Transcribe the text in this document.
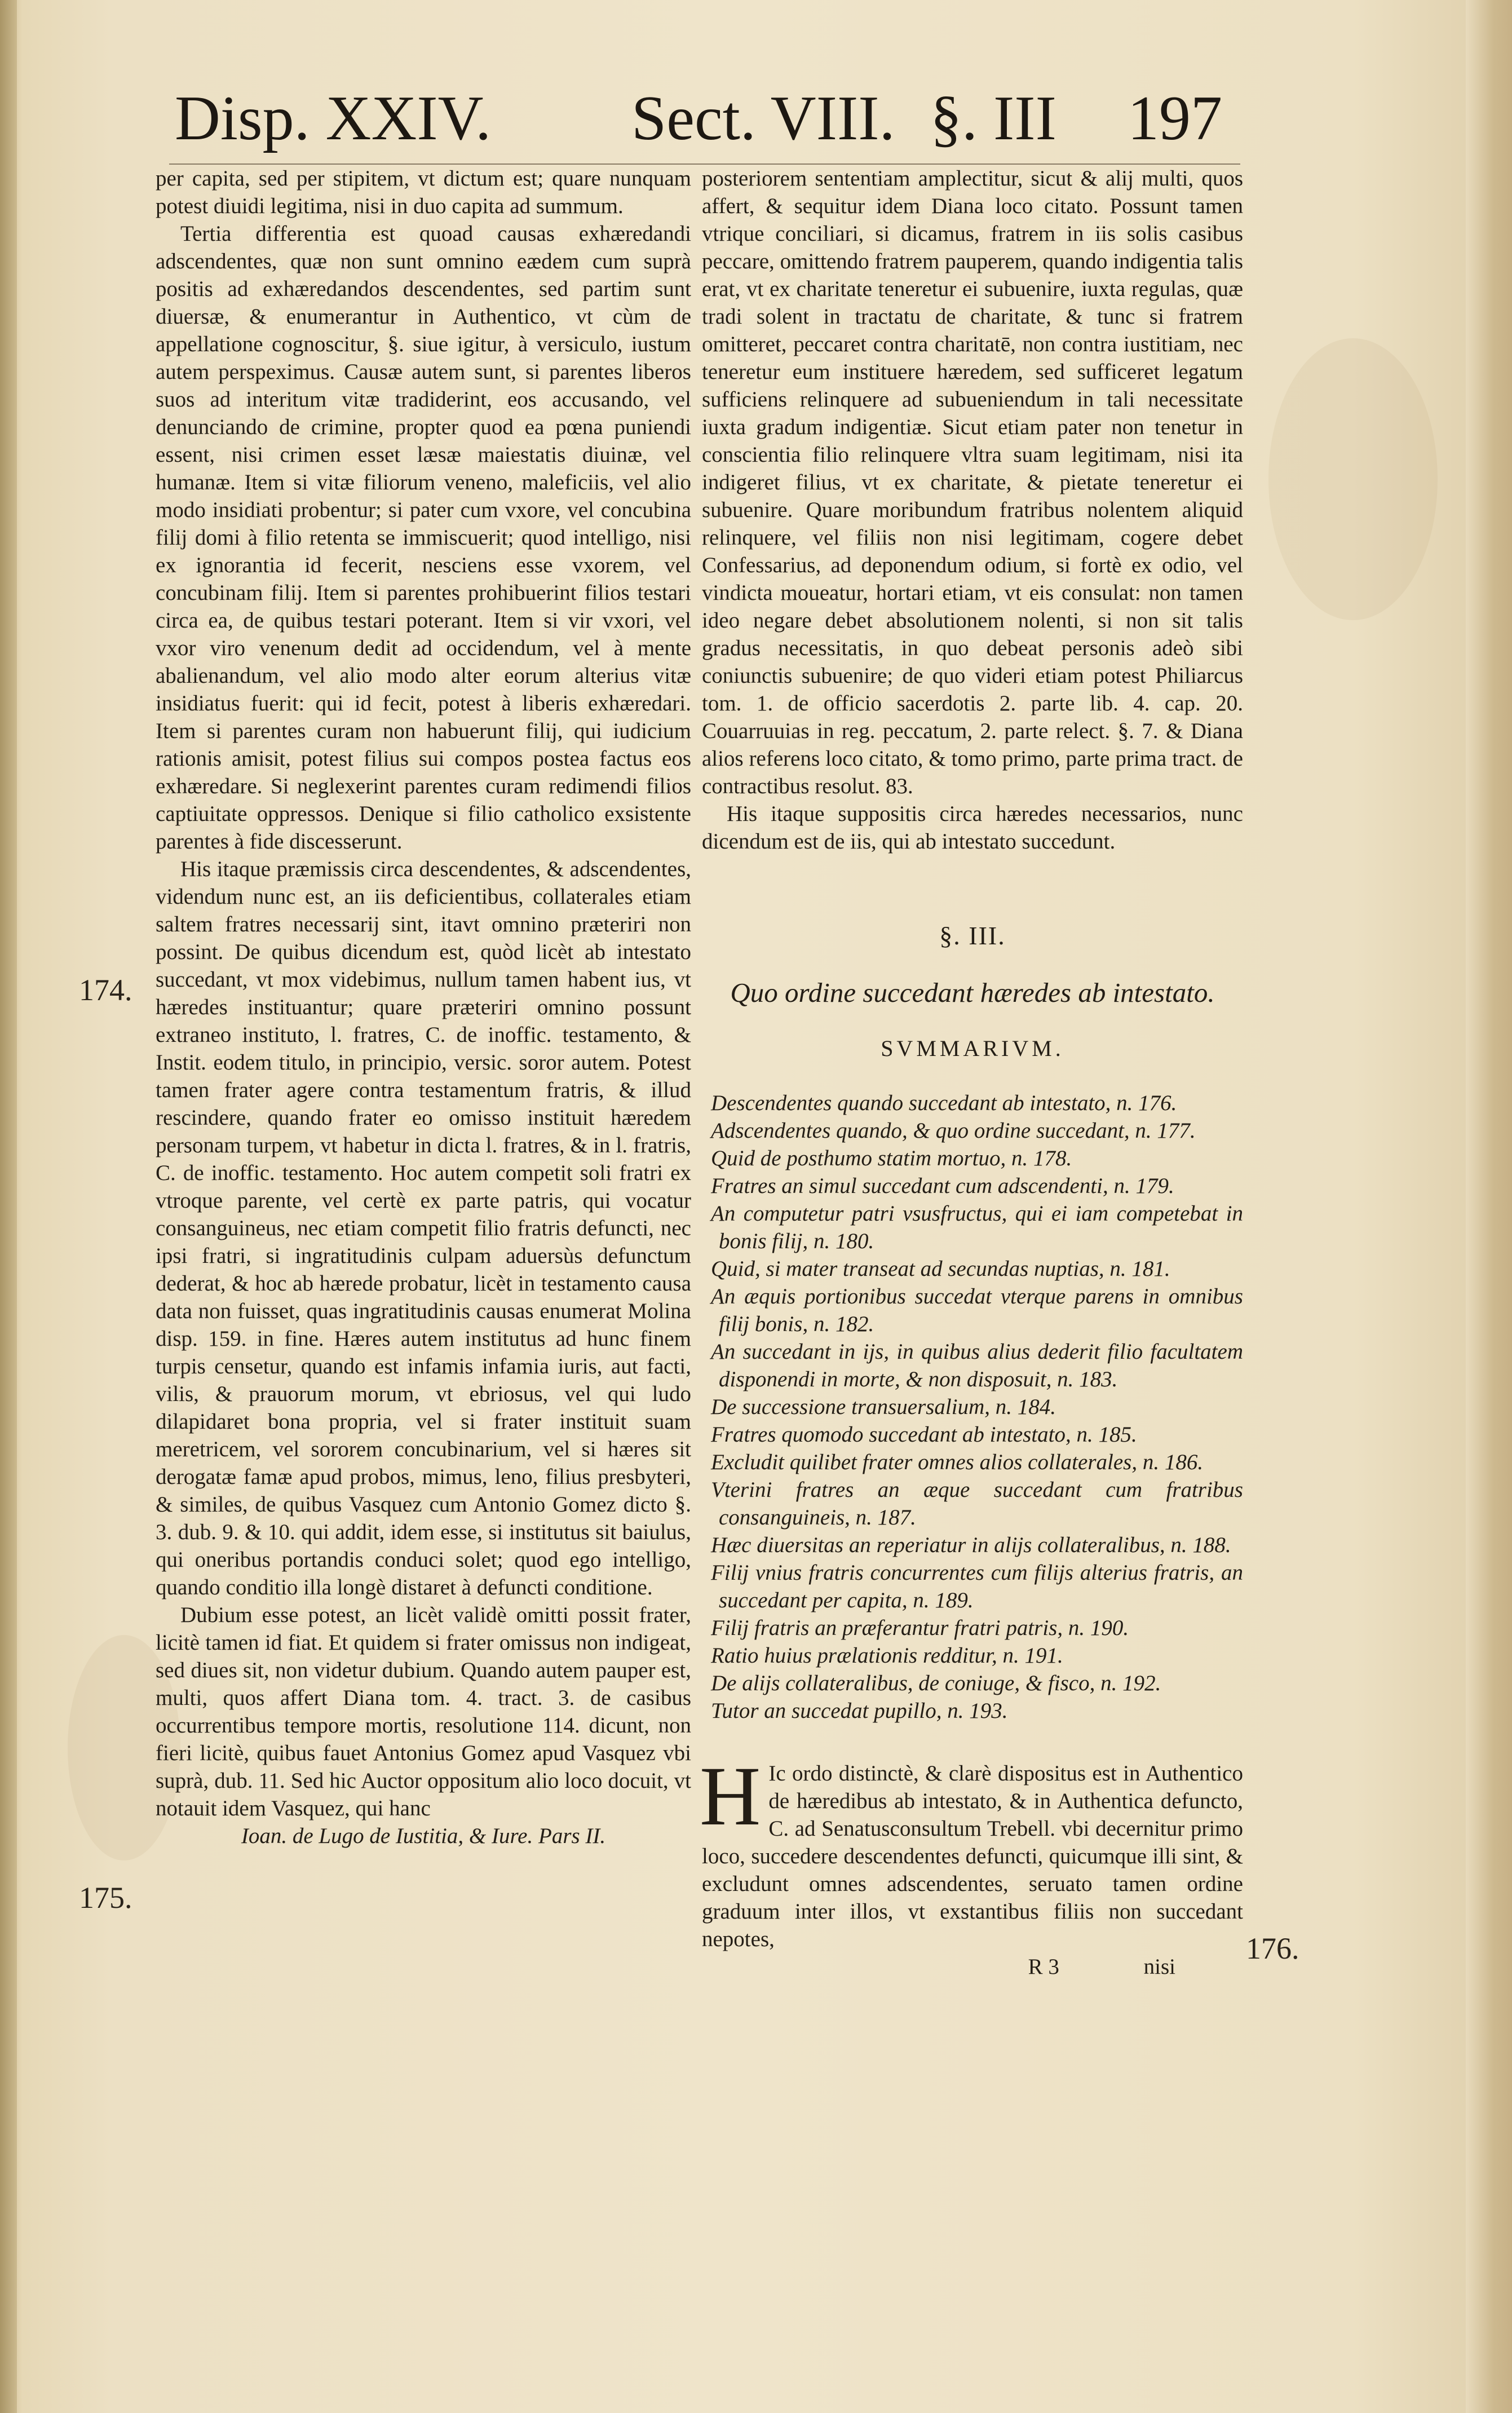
Disp. XXIV. Sect. VIII. §. III 197
174.
175.
176.

per capita, sed per stipitem, vt dictum est; quare nunquam potest diuidi legitima, nisi in duo capita ad summum.

Tertia differentia est quoad causas exhæredandi adscendentes, quæ non sunt omnino eædem cum suprà positis ad exhæredandos descendentes, sed partim sunt diuersæ, & enumerantur in Authentico, vt cùm de appellatione cognoscitur, §. siue igitur, à versiculo, iustum autem perspeximus. Causæ autem sunt, si parentes liberos suos ad interitum vitæ tradiderint, eos accusando, vel denunciando de crimine, propter quod ea pœna puniendi essent, nisi crimen esset læsæ maiestatis diuinæ, vel humanæ. Item si vitæ filiorum veneno, maleficiis, vel alio modo insidiati probentur; si pater cum vxore, vel concubina filij domi à filio retenta se immiscuerit; quod intelligo, nisi ex ignorantia id fecerit, nesciens esse vxorem, vel concubinam filij. Item si parentes prohibuerint filios testari circa ea, de quibus testari poterant. Item si vir vxori, vel vxor viro venenum dedit ad occidendum, vel à mente abalienandum, vel alio modo alter eorum alterius vitæ insidiatus fuerit: qui id fecit, potest à liberis exhæredari. Item si parentes curam non habuerunt filij, qui iudicium rationis amisit, potest filius sui compos postea factus eos exhæredare. Si neglexerint parentes curam redimendi filios captiuitate oppressos. Denique si filio catholico exsistente parentes à fide discesserunt.

His itaque præmissis circa descendentes, & adscendentes, videndum nunc est, an iis deficientibus, collaterales etiam saltem fratres necessarij sint, itavt omnino præteriri non possint. De quibus dicendum est, quòd licèt ab intestato succedant, vt mox videbimus, nullum tamen habent ius, vt hæredes instituantur; quare præteriri omnino possunt extraneo instituto, l. fratres, C. de inoffic. testamento, & Instit. eodem titulo, in principio, versic. soror autem. Potest tamen frater agere contra testamentum fratris, & illud rescindere, quando frater eo omisso instituit hæredem personam turpem, vt habetur in dicta l. fratres, & in l. fratris, C. de inoffic. testamento. Hoc autem competit soli fratri ex vtroque parente, vel certè ex parte patris, qui vocatur consanguineus, nec etiam competit filio fratris defuncti, nec ipsi fratri, si ingratitudinis culpam aduersùs defunctum dederat, & hoc ab hærede probatur, licèt in testamento causa data non fuisset, quas ingratitudinis causas enumerat Molina disp. 159. in fine. Hæres autem institutus ad hunc finem turpis censetur, quando est infamis infamia iuris, aut facti, vilis, & prauorum morum, vt ebriosus, vel qui ludo dilapidaret bona propria, vel si frater instituit suam meretricem, vel sororem concubinarium, vel si hæres sit derogatæ famæ apud probos, mimus, leno, filius presbyteri, & similes, de quibus Vasquez cum Antonio Gomez dicto §. 3. dub. 9. & 10. qui addit, idem esse, si institutus sit baiulus, qui oneribus portandis conduci solet; quod ego intelligo, quando conditio illa longè distaret à defuncti conditione.

Dubium esse potest, an licèt validè omitti possit frater, licitè tamen id fiat. Et quidem si frater omissus non indigeat, sed diues sit, non videtur dubium. Quando autem pauper est, multi, quos affert Diana tom. 4. tract. 3. de casibus occurrentibus tempore mortis, resolutione 114. dicunt, non fieri licitè, quibus fauet Antonius Gomez apud Vasquez vbi suprà, dub. 11. Sed hic Auctor oppositum alio loco docuit, vt notauit idem Vasquez, qui hanc

Ioan. de Lugo de Iustitia, & Iure. Pars II.

posteriorem sententiam amplectitur, sicut & alij multi, quos affert, & sequitur idem Diana loco citato. Possunt tamen vtrique conciliari, si dicamus, fratrem in iis solis casibus peccare, omittendo fratrem pauperem, quando indigentia talis erat, vt ex charitate teneretur ei subuenire, iuxta regulas, quæ tradi solent in tractatu de charitate, & tunc si fratrem omitteret, peccaret contra charitatē, non contra iustitiam, nec teneretur eum instituere hæredem, sed sufficeret legatum sufficiens relinquere ad subueniendum in tali necessitate iuxta gradum indigentiæ. Sicut etiam pater non tenetur in conscientia filio relinquere vltra suam legitimam, nisi ita indigeret filius, vt ex charitate, & pietate teneretur ei subuenire. Quare moribundum fratribus nolentem aliquid relinquere, vel filiis non nisi legitimam, cogere debet Confessarius, ad deponendum odium, si fortè ex odio, vel vindicta moueatur, hortari etiam, vt eis consulat: non tamen ideo negare debet absolutionem nolenti, si non sit talis gradus necessitatis, in quo debeat personis adeò sibi coniunctis subuenire; de quo videri etiam potest Philiarcus tom. 1. de officio sacerdotis 2. parte lib. 4. cap. 20. Couarruuias in reg. peccatum, 2. parte relect. §. 7. & Diana alios referens loco citato, & tomo primo, parte prima tract. de contractibus resolut. 83.

His itaque suppositis circa hæredes necessarios, nunc dicendum est de iis, qui ab intestato succedunt.

§. III.
Quo ordine succedant hæredes ab intestato.
SVMMARIVM.

Descendentes quando succedant ab intestato, n. 176.

Adscendentes quando, & quo ordine succedant, n. 177.

Quid de posthumo statim mortuo, n. 178.

Fratres an simul succedant cum adscendenti, n. 179.

An computetur patri vsusfructus, qui ei iam competebat in bonis filij, n. 180.

Quid, si mater transeat ad secundas nuptias, n. 181.

An æquis portionibus succedat vterque parens in omnibus filij bonis, n. 182.

An succedant in ijs, in quibus alius dederit filio facultatem disponendi in morte, & non disposuit, n. 183.

De successione transuersalium, n. 184.

Fratres quomodo succedant ab intestato, n. 185.

Excludit quilibet frater omnes alios collaterales, n. 186.

Vterini fratres an æque succedant cum fratribus consanguineis, n. 187.

Hæc diuersitas an reperiatur in alijs collateralibus, n. 188.

Filij vnius fratris concurrentes cum filijs alterius fratris, an succedant per capita, n. 189.

Filij fratris an præferantur fratri patris, n. 190.

Ratio huius prælationis redditur, n. 191.

De alijs collateralibus, de coniuge, & fisco, n. 192.

Tutor an succedat pupillo, n. 193.

H Ic ordo distinctè, & clarè dispositus est in Authentico de hæredibus ab intestato, & in Authentica defuncto, C. ad Senatusconsultum Trebell. vbi decernitur primo loco, succedere descendentes defuncti, quicumque illi sint, & excludunt omnes adscendentes, seruato tamen ordine graduum inter illos, vt exstantibus filiis non succedant nepotes,

R 3	nisi
